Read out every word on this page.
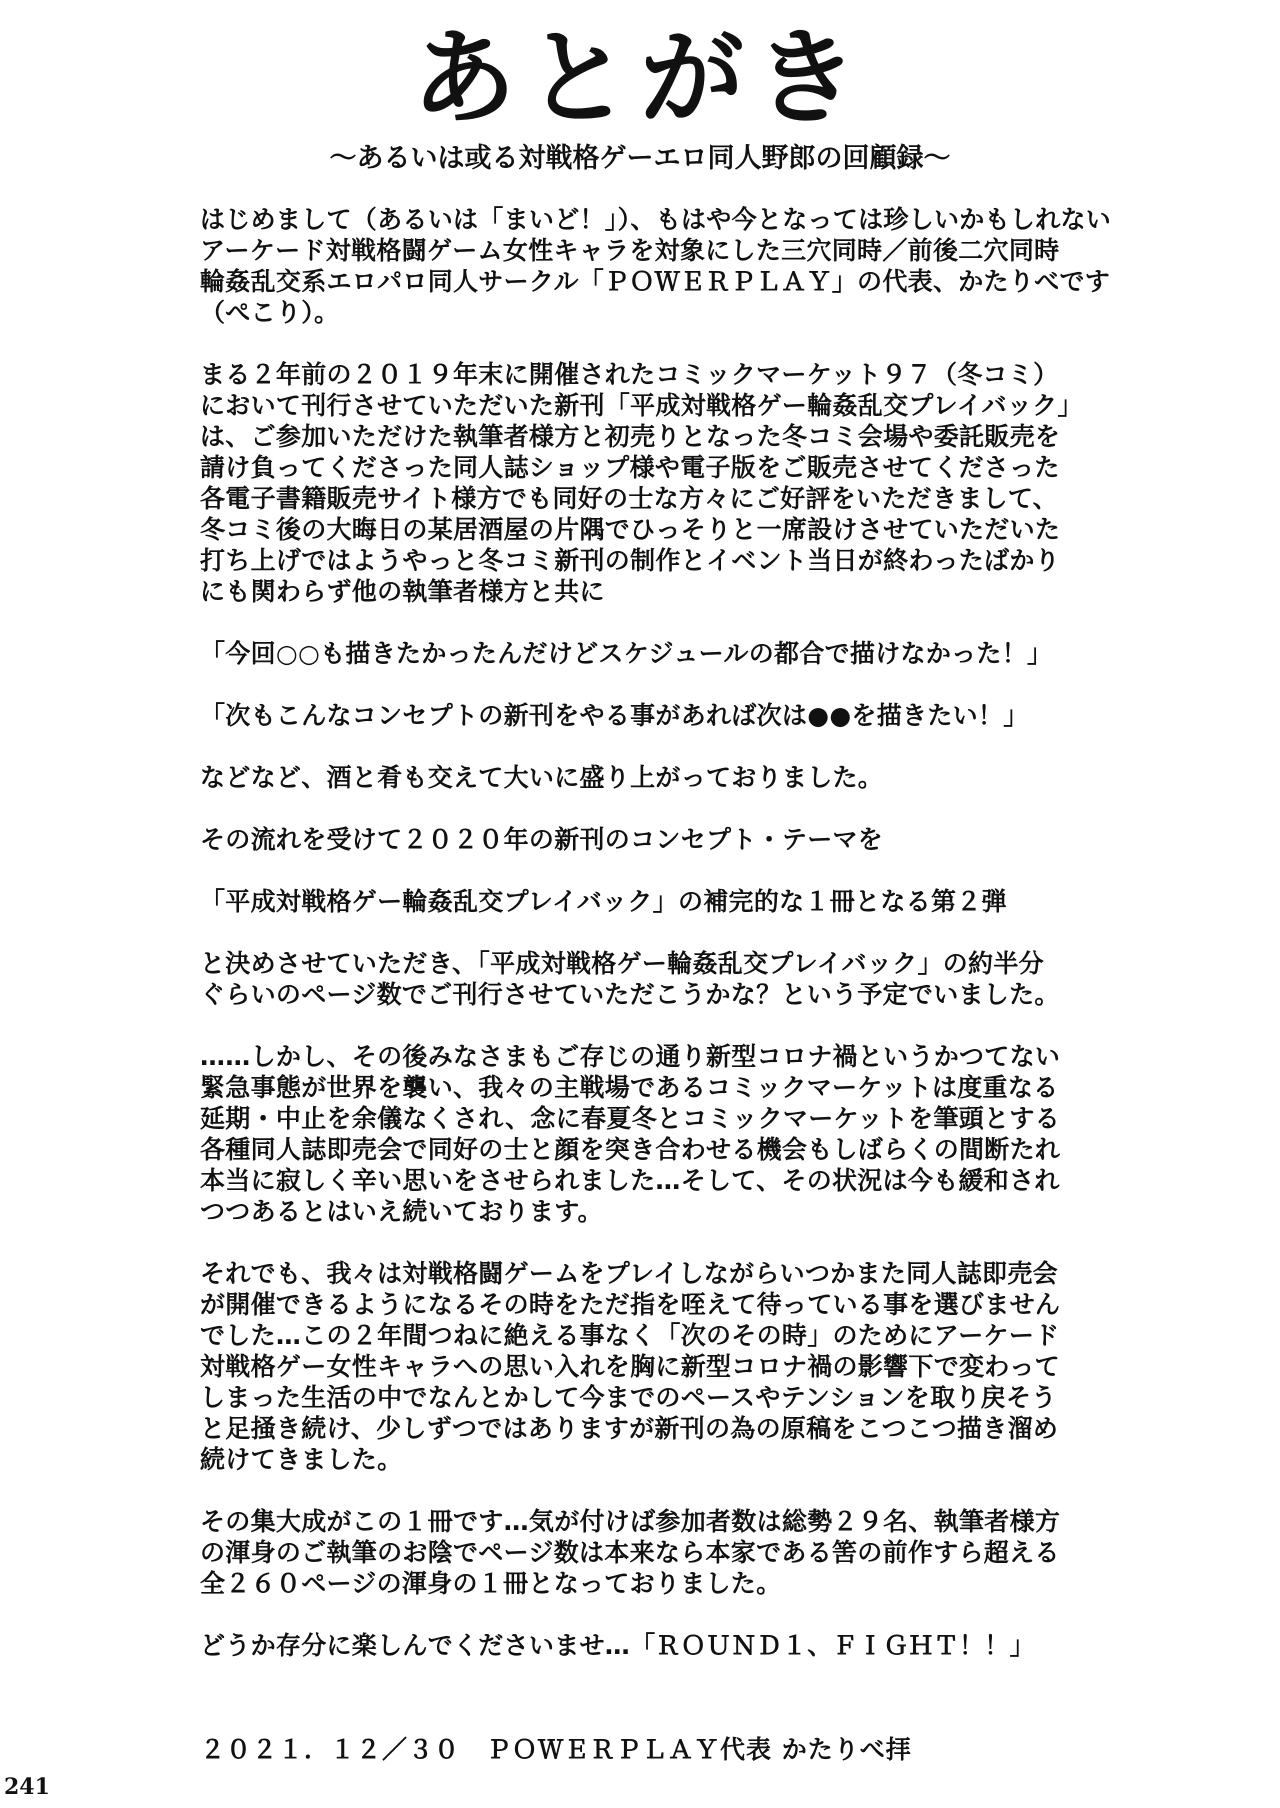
あとがき
〜あるいは或る対戦格ゲーエロ同人野郎の回顧録〜

はじめまして（あるいは「まいど！」）、もはや今となっては珍しいかもしれない
アーケード対戦格闘ゲーム女性キャラを対象にした三穴同時／前後二穴同時
輪姦乱交系エロパロ同人サークル「ＰＯＷＥＲＰＬＡＹ」の代表、かたりべです
（ぺこり）。

まる２年前の２０１９年末に開催されたコミックマーケット９７（冬コミ）
において刊行させていただいた新刊「平成対戦格ゲー輪姦乱交プレイバック」
は、ご参加いただけた執筆者様方と初売りとなった冬コミ会場や委託販売を
請け負ってくださった同人誌ショップ様や電子版をご販売させてくださった
各電子書籍販売サイト様方でも同好の士な方々にご好評をいただきまして、
冬コミ後の大晦日の某居酒屋の片隅でひっそりと一席設けさせていただいた
打ち上げではようやっと冬コミ新刊の制作とイベント当日が終わったばかり
にも関わらず他の執筆者様方と共に

「今回○○も描きたかったんだけどスケジュールの都合で描けなかった！」

「次もこんなコンセプトの新刊をやる事があれば次は●●を描きたい！」

などなど、酒と肴も交えて大いに盛り上がっておりました。

その流れを受けて２０２０年の新刊のコンセプト・テーマを

「平成対戦格ゲー輪姦乱交プレイバック」の補完的な１冊となる第２弾

と決めさせていただき、「平成対戦格ゲー輪姦乱交プレイバック」の約半分
ぐらいのページ数でご刊行させていただこうかな？という予定でいました。

……しかし、その後みなさまもご存じの通り新型コロナ禍というかつてない
緊急事態が世界を襲い、我々の主戦場であるコミックマーケットは度重なる
延期・中止を余儀なくされ、念に春夏冬とコミックマーケットを筆頭とする
各種同人誌即売会で同好の士と顔を突き合わせる機会もしばらくの間断たれ
本当に寂しく辛い思いをさせられました…そして、その状況は今も緩和され
つつあるとはいえ続いております。

それでも、我々は対戦格闘ゲームをプレイしながらいつかまた同人誌即売会
が開催できるようになるその時をただ指を咥えて待っている事を選びません
でした…この２年間つねに絶える事なく「次のその時」のためにアーケード
対戦格ゲー女性キャラへの思い入れを胸に新型コロナ禍の影響下で変わって
しまった生活の中でなんとかして今までのペースやテンションを取り戻そう
と足掻き続け、少しずつではありますが新刊の為の原稿をこつこつ描き溜め
続けてきました。

その集大成がこの１冊です…気が付けば参加者数は総勢２９名、執筆者様方
の渾身のご執筆のお陰でページ数は本来なら本家である筈の前作すら超える
全２６０ページの渾身の１冊となっておりました。

どうか存分に楽しんでくださいませ…「ＲＯＵＮＤ１、ＦＩＧＨＴ！！」

２０２１．１２／３０　ＰＯＷＥＲＰＬＡＹ代表 かたりべ拝
241
